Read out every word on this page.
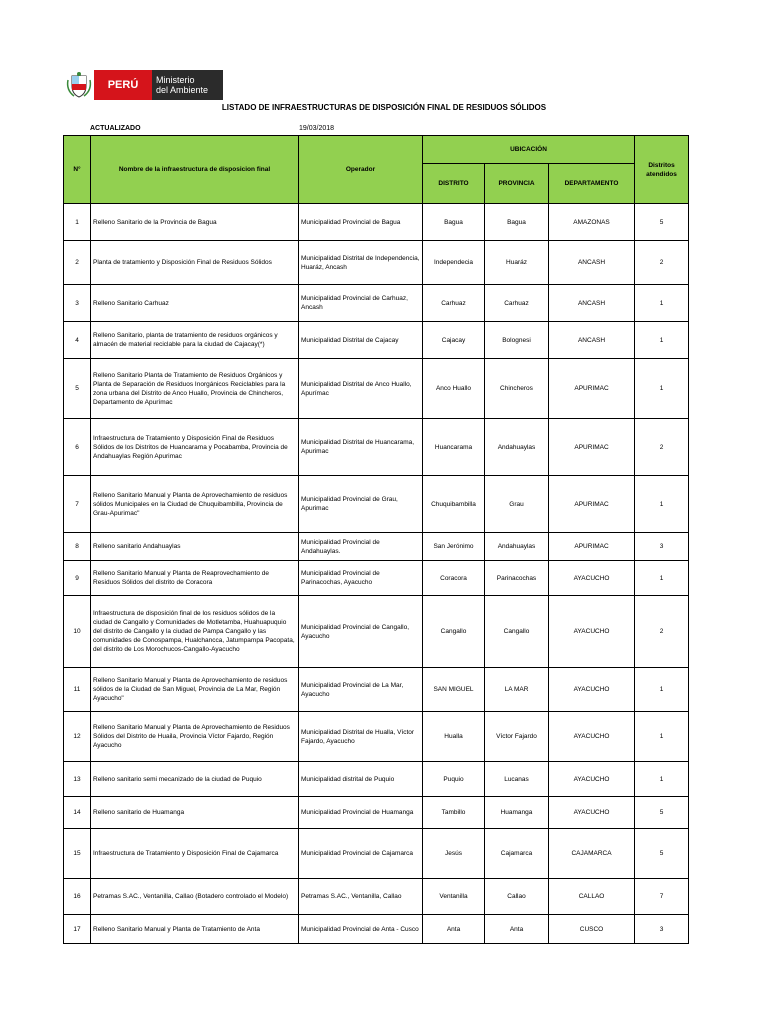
PERÚ	Ministerio
del Ambiente
LISTADO DE INFRAESTRUCTURAS DE DISPOSICIÓN FINAL DE RESIDUOS SÓLIDOS
ACTUALIZADO	19/03/2018
N°	Nombre de la infraestructura de disposicion final	Operador	UBICACIÓN			Distritos atendidos
			DISTRITO	PROVINCIA	DEPARTAMENTO	
1	Relleno Sanitario de la Provincia de Bagua	Municipalidad Provincial de Bagua	Bagua	Bagua	AMAZONAS	5
2	Planta de tratamiento y Disposición Final de Residuos Sólidos	Municipalidad Distrital de Independencia, Huaráz, Ancash	Independecia	Huaráz	ANCASH	2
3	Relleno Sanitario Carhuaz	Municipalidad Provincial de Carhuaz, Ancash	Carhuaz	Carhuaz	ANCASH	1
4	Relleno Sanitario, planta de tratamiento de residuos orgánicos y almacén de material reciclable para la ciudad de Cajacay(*)	Municipalidad Distrital de Cajacay	Cajacay	Bolognesi	ANCASH	1
5	Relleno Sanitario Planta de Tratamiento de Residuos Orgánicos y Planta de Separación de Residuos Inorgánicos Reciclables para la zona urbana del Distrito de Anco Huallo, Provincia de Chincheros, Departamento de Apurímac	Municipalidad Distrital de Anco Huallo, Apurímac	Anco Huallo	Chincheros	APURIMAC	1
6	Infraestructura de Tratamiento y Disposición Final de Residuos Sólidos de los Distritos de Huancarama y Pocabamba, Provincia de Andahuaylas Región Apurimac	Municipalidad Distrital de Huancarama, Apurimac	Huancarama	Andahuaylas	APURIMAC	2
7	Relleno Sanitario Manual y Planta de Aprovechamiento de residuos sólidos Municipales en la Ciudad de Chuquibambilla, Provincia de Grau-Apurimac"	Municipalidad Provincial de Grau, Apurimac	Chuquibambilla	Grau	APURIMAC	1
8	Relleno sanitario Andahuaylas	Municipalidad Provincial de Andahuaylas.	San Jerónimo	Andahuaylas	APURIMAC	3
9	Relleno Sanitario Manual y Planta de Reaprovechamiento de Residuos Sólidos del distrito de Coracora	Municipalidad Provincial de Parinacochas, Ayacucho	Coracora	Parinacochas	AYACUCHO	1
10	Infraestructura de disposición final de los residuos sólidos de la ciudad de Cangallo y Comunidades de Motletamba, Huahuapuquio del distrito de Cangallo y la ciudad de Pampa Cangallo y las comunidades de Conospampa, Hualchancca, Jatumpampa Pacopata, del distrito de Los Morochucos-Cangallo-Ayacucho	Municipalidad Provincial de Cangallo, Ayacucho	Cangallo	Cangallo	AYACUCHO	2
11	Relleno Sanitario Manual y Planta de Aprovechamiento de residuos sólidos de la Ciudad de San Miguel, Provincia de La Mar, Región Ayacucho"	Municipalidad Provincial de La Mar, Ayacucho	SAN MIGUEL	LA MAR	AYACUCHO	1
12	Relleno Sanitario Manual y Planta de Aprovechamiento de Residuos Sólidos del Distrito de Huaila, Provincia Víctor Fajardo, Región Ayacucho	Municipalidad Distrital de Hualla, Víctor Fajardo, Ayacucho	Hualla	Víctor Fajardo	AYACUCHO	1
13	Relleno sanitario semi mecanizado de la ciudad de Puquio	Municipalidad distrital de Puquio	Puquio	Lucanas	AYACUCHO	1
14	Relleno sanitario de Huamanga	Municipalidad Provincial de Huamanga	Tambillo	Huamanga	AYACUCHO	5
15	Infraestructura de Tratamiento y Disposición Final de Cajamarca	Municipalidad Provincial de Cajamarca	Jesús	Cajamarca	CAJAMARCA	5
16	Petramas S.AC., Ventanilla, Callao (Botadero controlado el Modelo)	Petramas S.AC., Ventanilla, Callao	Ventanilla	Callao	CALLAO	7
17	Relleno Sanitario Manual y Planta de Tratamiento de Anta	Municipalidad Provincial de Anta - Cusco	Anta	Anta	CUSCO	3
